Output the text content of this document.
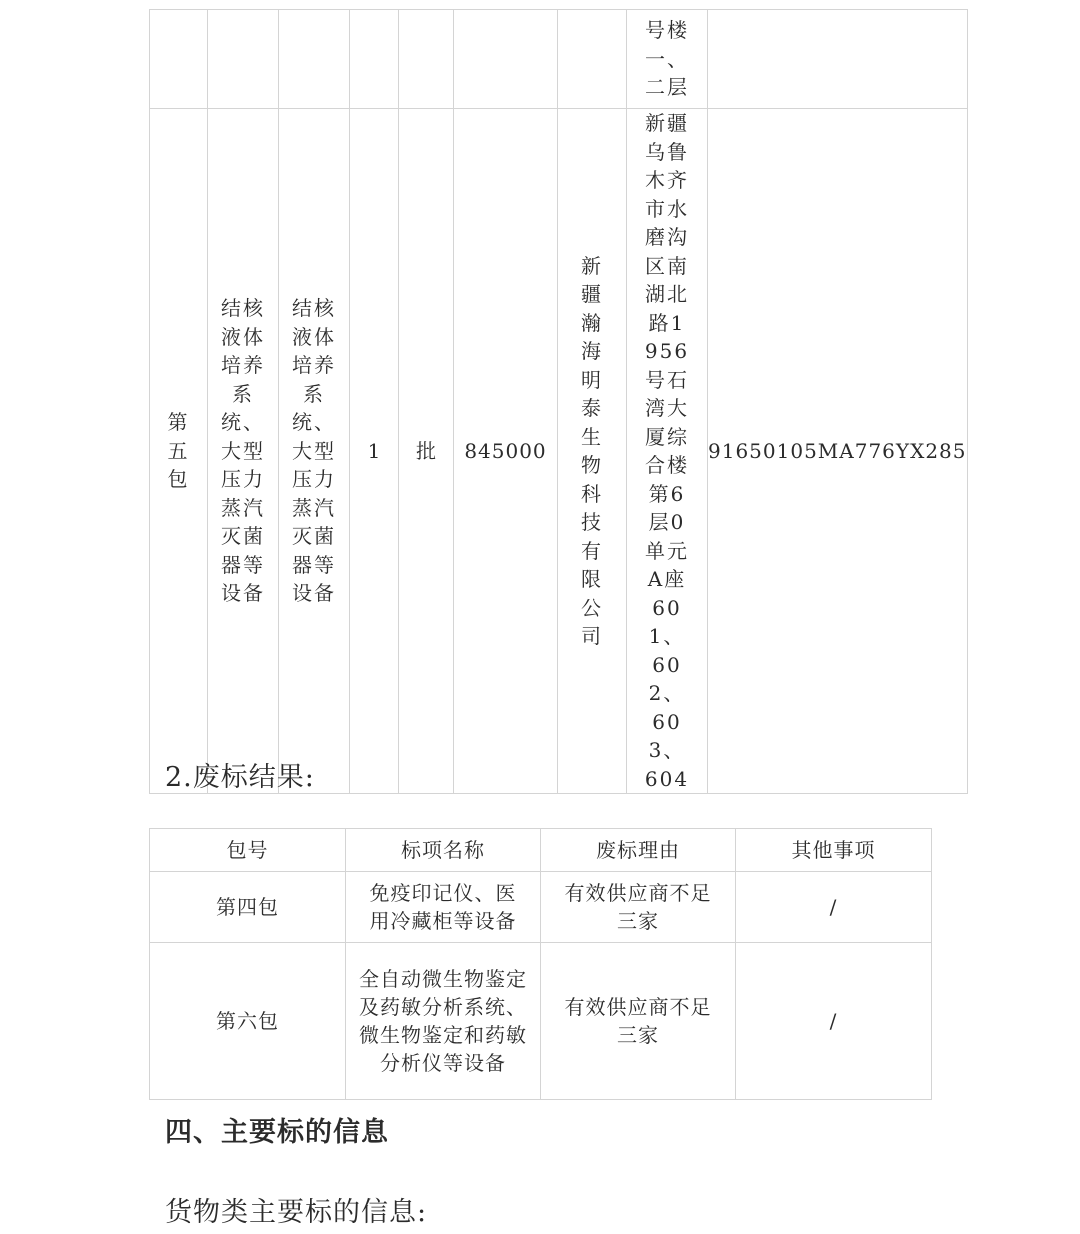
							号楼一、二层	
第五包	结核液体培养系统、大型压力蒸汽灭菌器等设备	结核液体培养系统、大型压力蒸汽灭菌器等设备	1	批	845000	新疆瀚海明泰生物科技有限公司	新疆乌鲁木齐市水磨沟区南湖北路1956号石湾大厦综合楼第6层0单元A座601、602、603、604	91650105MA776YX285
2.废标结果:
包号	标项名称	废标理由	其他事项
第四包	免疫印记仪、医用冷藏柜等设备	有效供应商不足三家	/
第六包	全自动微生物鉴定及药敏分析系统、微生物鉴定和药敏分析仪等设备	有效供应商不足三家	/
四、主要标的信息
货物类主要标的信息:
